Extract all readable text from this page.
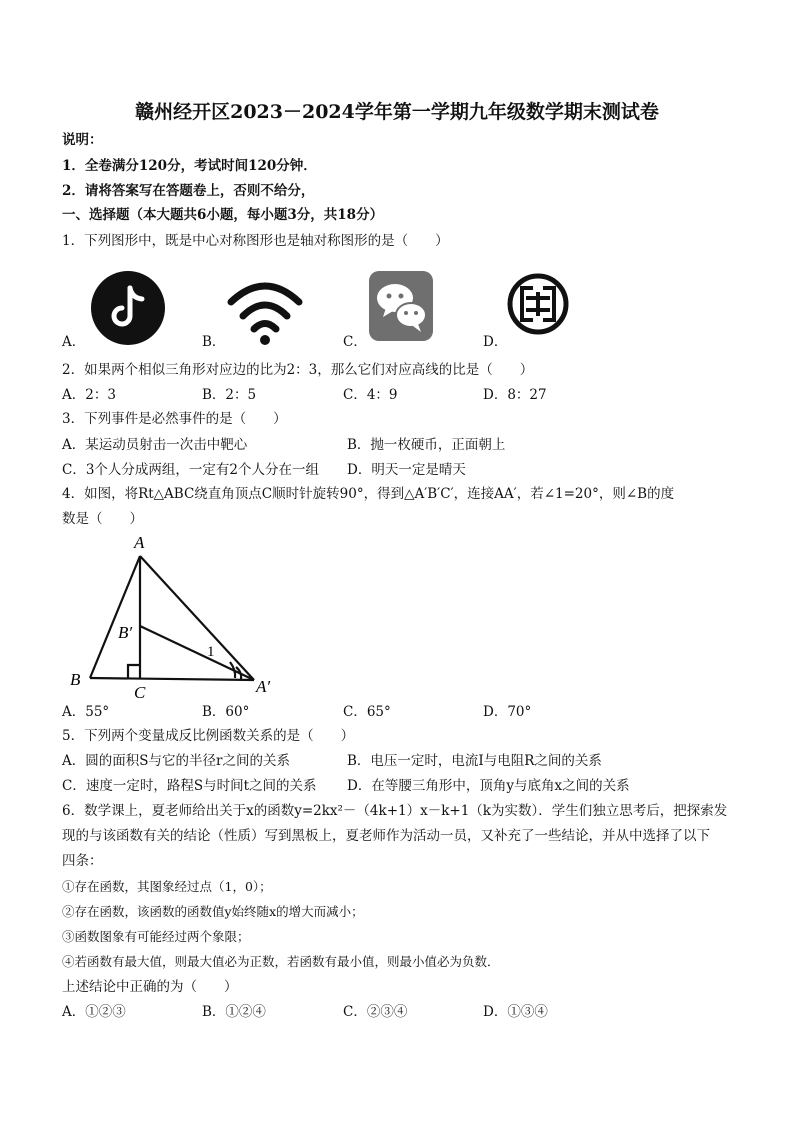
赣州经开区2023－2024学年第一学期九年级数学期末测试卷
说明：
1．全卷满分120分，考试时间120分钟．
2．请将答案写在答题卷上，否则不给分，
一、选择题（本大题共6小题，每小题3分，共18分）
1．下列图形中，既是中心对称图形也是轴对称图形的是（　　）
A．	B．	C．	D．
2．如果两个相似三角形对应边的比为2：3，那么它们对应高线的比是（　　）
A．2：3	B．2：5	C．4：9	D．8：27
3．下列事件是必然事件的是（　　）
A．某运动员射击一次击中靶心	B．抛一枚硬币，正面朝上
C．3个人分成两组，一定有2个人分在一组 D．明天一定是晴天
4．如图，将Rt△ABC绕直角顶点C顺时针旋转90°，得到△A′B′C′，连接AA′，若∠1=20°，则∠B的度
数是（　　）
A
B′
1
B
C	A′
A．55°	B．60°	C．65°	D．70°
5．下列两个变量成反比例函数关系的是（　　）
A．圆的面积S与它的半径r之间的关系	B．电压一定时，电流I与电阻R之间的关系
C．速度一定时，路程S与时间t之间的关系 D．在等腰三角形中，顶角y与底角x之间的关系
6．数学课上，夏老师给出关于x的函数y=2kx²－（4k+1）x－k+1（k为实数）．学生们独立思考后，把探索发
现的与该函数有关的结论（性质）写到黑板上，夏老师作为活动一员，又补充了一些结论，并从中选择了以下
四条：
①存在函数，其图象经过点（1，0）；
②存在函数，该函数的函数值y始终随x的增大而减小；
③函数图象有可能经过两个象限；
④若函数有最大值，则最大值必为正数，若函数有最小值，则最小值必为负数．
上述结论中正确的为（　　）
A．①②③	B．①②④	C．②③④	D．①③④
